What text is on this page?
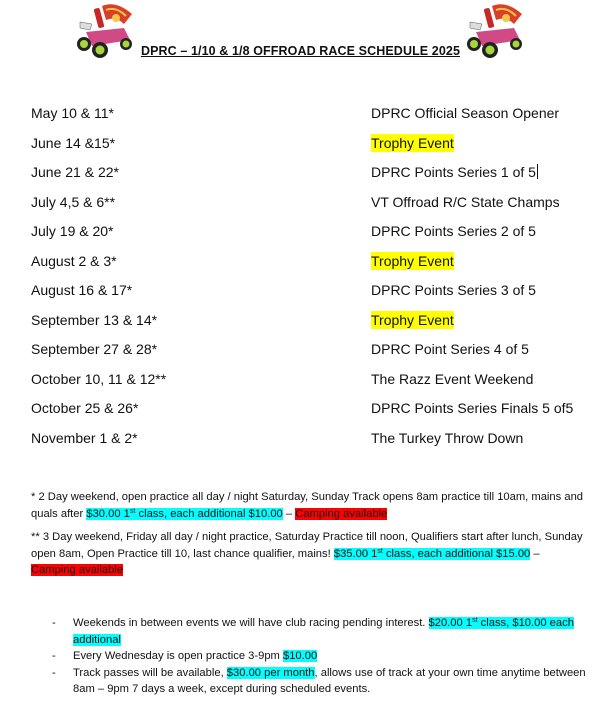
DPRC – 1/10 & 1/8 OFFROAD RACE SCHEDULE 2025
May 10 & 11*	DPRC Official Season Opener
June 14 &15*	Trophy Event
June 21 & 22*	DPRC Points Series 1 of 5
July 4,5 & 6**	VT Offroad R/C State Champs
July 19 & 20*	DPRC Points Series 2 of 5
August 2 & 3*	Trophy Event
August 16 & 17*	DPRC Points Series 3 of 5
September 13 & 14*	Trophy Event
September 27 & 28*	DPRC Point Series 4 of 5
October 10, 11 & 12**	The Razz Event Weekend
October 25 & 26*	DPRC Points Series Finals 5 of5
November 1 & 2*	The Turkey Throw Down

* 2 Day weekend, open practice all day / night Saturday, Sunday Track opens 8am practice till 10am, mains and quals after $30.00 1st class, each additional $10.00 – Camping available

** 3 Day weekend, Friday all day / night practice, Saturday Practice till noon, Qualifiers start after lunch, Sunday open 8am, Open Practice till 10, last chance qualifier, mains! $35.00 1st class, each additional $15.00 – Camping available

- Weekends in between events we will have club racing pending interest. $20.00 1st class, $10.00 each additional
- Every Wednesday is open practice 3-9pm $10.00
- Track passes will be available, $30.00 per month, allows use of track at your own time anytime between 8am – 9pm 7 days a week, except during scheduled events.
